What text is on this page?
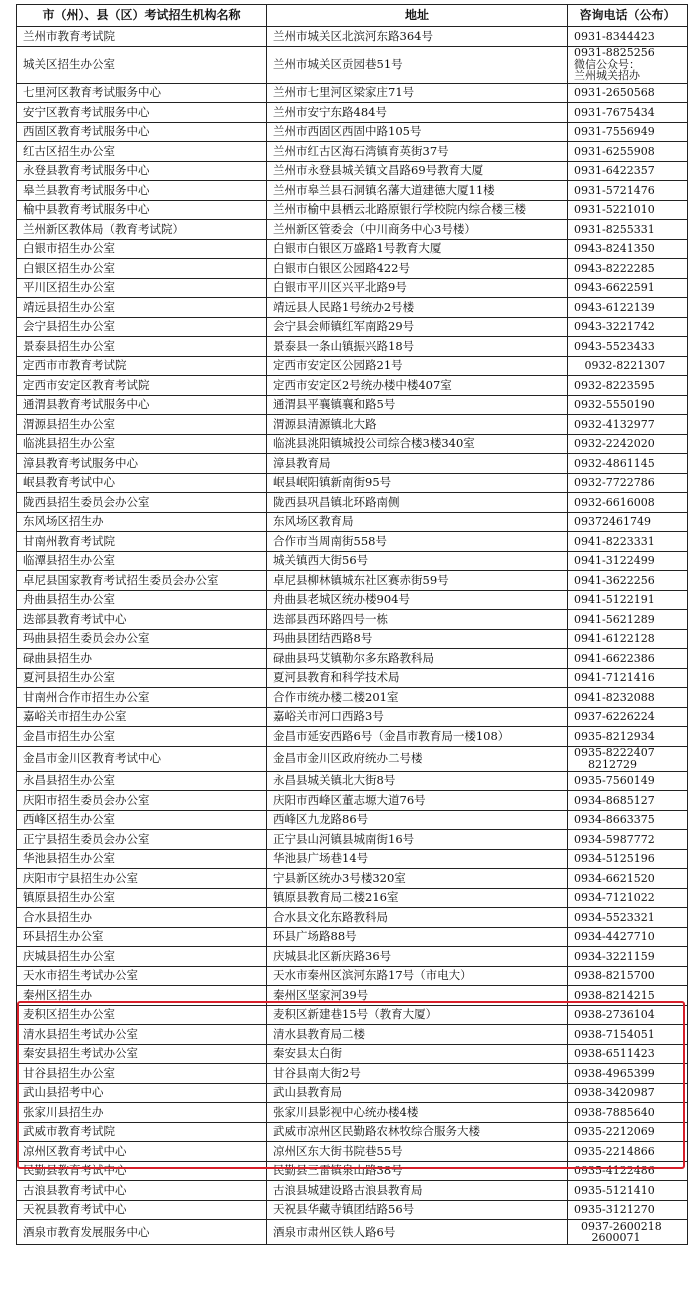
市（州）、县（区）考试招生机构名称	地址	咨询电话（公布）
兰州市教育考试院	兰州市城关区北滨河东路364号	0931-8344423
城关区招生办公室	兰州市城关区贡园巷51号	0931-8825256
微信公众号：
兰州城关招办
七里河区教育考试服务中心	兰州市七里河区梁家庄71号	0931-2650568
安宁区教育考试服务中心	兰州市安宁东路484号	0931-7675434
西固区教育考试服务中心	兰州市西固区西固中路105号	0931-7556949
红古区招生办公室	兰州市红古区海石湾镇育英街37号	0931-6255908
永登县教育考试服务中心	兰州市永登县城关镇文昌路69号教育大厦	0931-6422357
皋兰县教育考试服务中心	兰州市皋兰县石洞镇名藩大道建德大厦11楼	0931-5721476
榆中县教育考试服务中心	兰州市榆中县栖云北路原银行学校院内综合楼三楼	0931-5221010
兰州新区教体局（教育考试院）	兰州新区管委会（中川商务中心3号楼）	0931-8255331
白银市招生办公室	白银市白银区万盛路1号教育大厦	0943-8241350
白银区招生办公室	白银市白银区公园路422号	0943-8222285
平川区招生办公室	白银市平川区兴平北路9号	0943-6622591
靖远县招生办公室	靖远县人民路1号统办2号楼	0943-6122139
会宁县招生办公室	会宁县会师镇红军南路29号	0943-3221742
景泰县招生办公室	景泰县一条山镇振兴路18号	0943-5523433
定西市市教育考试院	定西市安定区公园路21号	0932-8221307
定西市安定区教育考试院	定西市安定区2号统办楼中楼407室	0932-8223595
通渭县教育考试服务中心	通渭县平襄镇襄和路5号	0932-5550190
渭源县招生办公室	渭源县清源镇北大路	0932-4132977
临洮县招生办公室	临洮县洮阳镇城投公司综合楼3楼340室	0932-2242020
漳县教育考试服务中心	漳县教育局	0932-4861145
岷县教育考试中心	岷县岷阳镇新南街95号	0932-7722786
陇西县招生委员会办公室	陇西县巩昌镇北环路南侧	0932-6616008
东风场区招生办	东风场区教育局	09372461749
甘南州教育考试院	合作市当周南街558号	0941-8223331
临潭县招生办公室	城关镇西大街56号	0941-3122499
卓尼县国家教育考试招生委员会办公室	卓尼县柳林镇城东社区赛赤街59号	0941-3622256
舟曲县招生办公室	舟曲县老城区统办楼904号	0941-5122191
迭部县教育考试中心	迭部县西环路四号一栋	0941-5621289
玛曲县招生委员会办公室	玛曲县团结西路8号	0941-6122128
碌曲县招生办	碌曲县玛艾镇勒尔多东路教科局	0941-6622386
夏河县招生办公室	夏河县教育和科学技术局	0941-7121416
甘南州合作市招生办公室	合作市统办楼二楼201室	0941-8232088
嘉峪关市招生办公室	嘉峪关市河口西路3号	0937-6226224
金昌市招生办公室	金昌市延安西路6号（金昌市教育局一楼108）	0935-8212934
金昌市金川区教育考试中心	金昌市金川区政府统办二号楼	0935-8222407
8212729
永昌县招生办公室	永昌县城关镇北大街8号	0935-7560149
庆阳市招生委员会办公室	庆阳市西峰区董志塬大道76号	0934-8685127
西峰区招生办公室	西峰区九龙路86号	0934-8663375
正宁县招生委员会办公室	正宁县山河镇县城南街16号	0934-5987772
华池县招生办公室	华池县广场巷14号	0934-5125196
庆阳市宁县招生办公室	宁县新区统办3号楼320室	0934-6621520
镇原县招生办公室	镇原县教育局二楼216室	0934-7121022
合水县招生办	合水县文化东路教科局	0934-5523321
环县招生办公室	环县广场路88号	0934-4427710
庆城县招生办公室	庆城县北区新庆路36号	0934-3221159
天水市招生考试办公室	天水市秦州区滨河东路17号（市电大）	0938-8215700
秦州区招生办	秦州区坚家河39号	0938-8214215
麦积区招生办公室	麦积区新建巷15号（教育大厦）	0938-2736104
清水县招生考试办公室	清水县教育局二楼	0938-7154051
秦安县招生考试办公室	秦安县太白街	0938-6511423
甘谷县招生办公室	甘谷县南大街2号	0938-4965399
武山县招考中心	武山县教育局	0938-3420987
张家川县招生办	张家川县影视中心统办楼4楼	0938-7885640
武威市教育考试院	武威市凉州区民勤路农林牧综合服务大楼	0935-2212069
凉州区教育考试中心	凉州区东大街书院巷55号	0935-2214866
民勤县教育考试中心	民勤县三雷镇泉山路38号	0935-4122486
古浪县教育考试中心	古浪县城建设路古浪县教育局	0935-5121410
天祝县教育考试中心	天祝县华藏寺镇团结路56号	0935-3121270
酒泉市教育发展服务中心	酒泉市肃州区铁人路6号	0937-2600218
2600071
